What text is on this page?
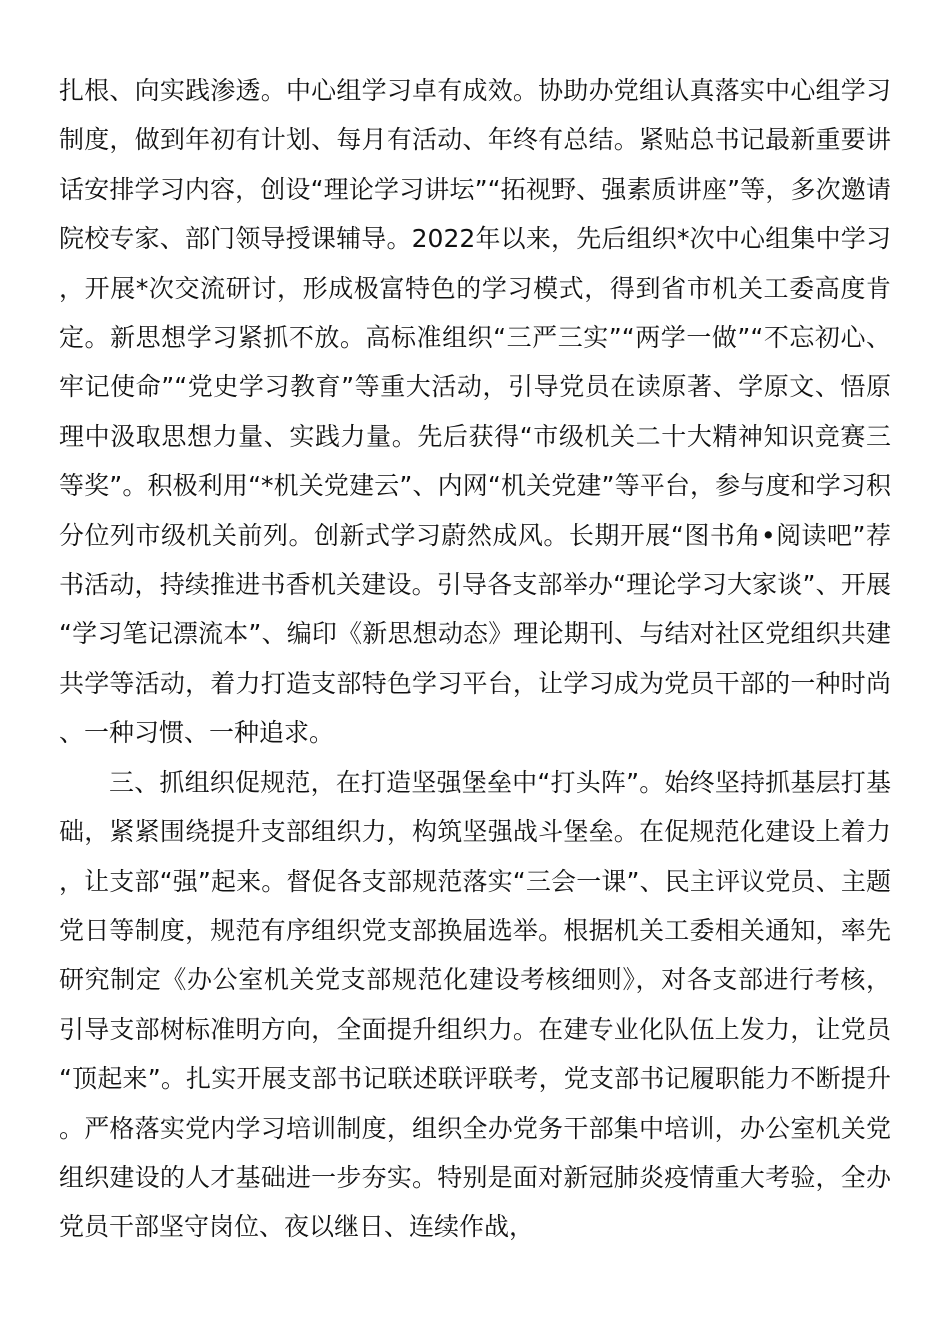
扎根、向实践渗透。中心组学习卓有成效。协助办党组认真落实中心组学习制度，做到年初有计划、每月有活动、年终有总结。紧贴总书记最新重要讲话安排学习内容，创设“理论学习讲坛”“拓视野、强素质讲座”等，多次邀请院校专家、部门领导授课辅导。2022年以来，先后组织*次中心组集中学习，开展*次交流研讨，形成极富特色的学习模式，得到省市机关工委高度肯定。新思想学习紧抓不放。高标准组织“三严三实”“两学一做”“不忘初心、牢记使命”“党史学习教育”等重大活动，引导党员在读原著、学原文、悟原理中汲取思想力量、实践力量。先后获得“市级机关二十大精神知识竞赛三等奖”。积极利用“*机关党建云”、内网“机关党建”等平台，参与度和学习积分位列市级机关前列。创新式学习蔚然成风。长期开展“图书角•阅读吧”荐书活动，持续推进书香机关建设。引导各支部举办“理论学习大家谈”、开展“学习笔记漂流本”、编印《新思想动态》理论期刊、与结对社区党组织共建共学等活动，着力打造支部特色学习平台，让学习成为党员干部的一种时尚、一种习惯、一种追求。

三、抓组织促规范，在打造坚强堡垒中“打头阵”。始终坚持抓基层打基础，紧紧围绕提升支部组织力，构筑坚强战斗堡垒。在促规范化建设上着力，让支部“强”起来。督促各支部规范落实“三会一课”、民主评议党员、主题党日等制度，规范有序组织党支部换届选举。根据机关工委相关通知，率先研究制定《办公室机关党支部规范化建设考核细则》，对各支部进行考核，引导支部树标准明方向，全面提升组织力。在建专业化队伍上发力，让党员“顶起来”。扎实开展支部书记联述联评联考，党支部书记履职能力不断提升。严格落实党内学习培训制度，组织全办党务干部集中培训，办公室机关党组织建设的人才基础进一步夯实。特别是面对新冠肺炎疫情重大考验，全办党员干部坚守岗位、夜以继日、连续作战，
